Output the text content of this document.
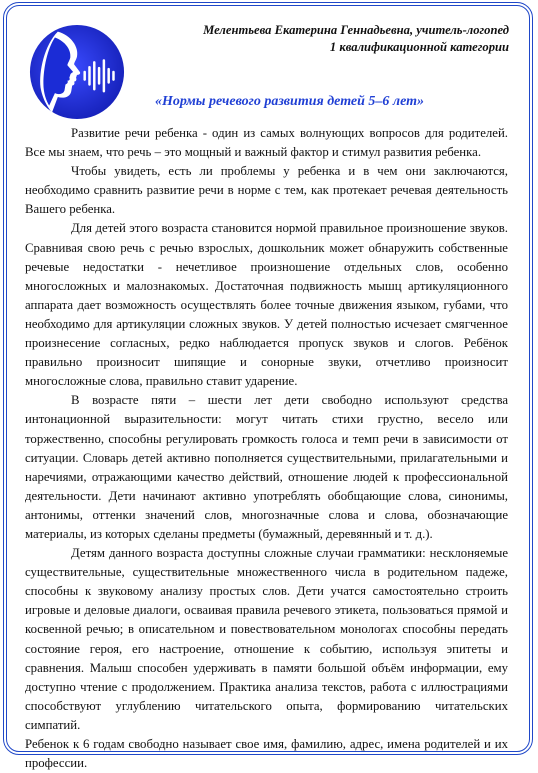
Мелентьева Екатерина Геннадьевна, учитель-логопед
1 квалификационной категории
«Нормы речевого развития детей 5–6 лет»

Развитие речи ребенка - один из самых волнующих вопросов для родителей. Все мы знаем, что речь – это мощный и важный фактор и стимул развития ребенка.

Чтобы увидеть, есть ли проблемы у ребенка и в чем они заключаются, необходимо сравнить развитие речи в норме с тем, как протекает речевая деятельность Вашего ребенка.

Для детей этого возраста становится нормой правильное произношение звуков. Сравнивая свою речь с речью взрослых, дошкольник может обнаружить собственные речевые недостатки - нечетливое произношение отдельных слов, особенно многосложных и малознакомых. Достаточная подвижность мышц артикуляционного аппарата дает возможность осуществлять более точные движения языком, губами, что необходимо для артикуляции сложных звуков. У детей полностью исчезает смягченное произнесение согласных, редко наблюдается пропуск звуков и слогов. Ребёнок правильно произносит шипящие и сонорные звуки, отчетливо произносит многосложные слова, правильно ставит ударение.

В возрасте пяти – шести лет дети свободно используют средства интонационной выразительности: могут читать стихи грустно, весело или торжественно, способны регулировать громкость голоса и темп речи в зависимости от ситуации. Словарь детей активно пополняется существительными, прилагательными и наречиями, отражающими качество действий, отношение людей к профессиональной деятельности. Дети начинают активно употреблять обобщающие слова, синонимы, антонимы, оттенки значений слов, многозначные слова и слова, обозначающие материалы, из которых сделаны предметы (бумажный, деревянный и т. д.).

Детям данного возраста доступны сложные случаи грамматики: несклоняемые существительные, существительные множественного числа в родительном падеже, способны к звуковому анализу простых слов. Дети учатся самостоятельно строить игровые и деловые диалоги, осваивая правила речевого этикета, пользоваться прямой и косвенной речью; в описательном и повествовательном монологах способны передать состояние героя, его настроение, отношение к событию, используя эпитеты и сравнения. Малыш способен удерживать в памяти большой объём информации, ему доступно чтение с продолжением. Практика анализа текстов, работа с иллюстрациями способствуют углублению читательского опыта, формированию читательских симпатий.

Ребенок к 6 годам свободно называет свое имя, фамилию, адрес, имена родителей и их профессии.
